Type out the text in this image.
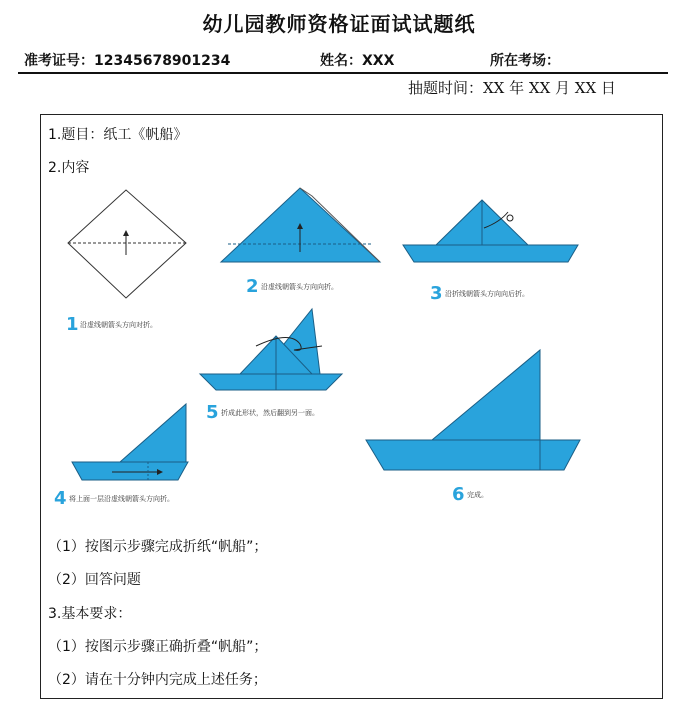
幼儿园教师资格证面试试题纸
准考证号：12345678901234	姓名：XXX	所在考场：
抽题时间：XX 年 XX 月 XX 日
1.题目：纸工《帆船》
2.内容
1 沿虚线朝箭头方向对折。
2 沿虚线朝箭头方向向折。	3 沿折线朝箭头方向向后折。
5 折成此形状，然后翻到另一面。
4 将上面一层沿虚线朝箭头方向折。	6 完成。
（1）按图示步骤完成折纸“帆船”；
（2）回答问题
3.基本要求：
（1）按图示步骤正确折叠“帆船”；
（2）请在十分钟内完成上述任务；
